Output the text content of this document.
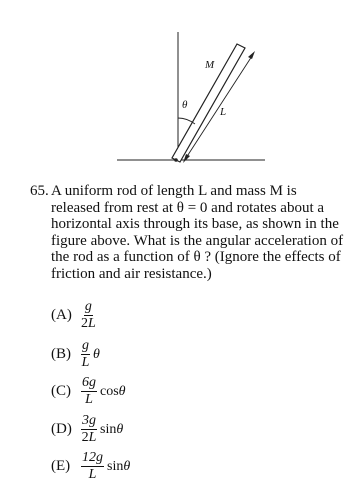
M
L
θ
65. A uniform rod of length L and mass M is
released from rest at θ = 0 and rotates about a
horizontal axis through its base, as shown in the
figure above. What is the angular acceleration of
the rod as a function of θ ? (Ignore the effects of
friction and air resistance.)
$(A) \frac{g}{2L}$
$(B) \frac{g}{L}$ θ
$(C) \frac{6g}{L}$ cosθ
$(D) \frac{3g}{2L}$ sinθ
$(E) \frac{12g}{L}$ sinθ
